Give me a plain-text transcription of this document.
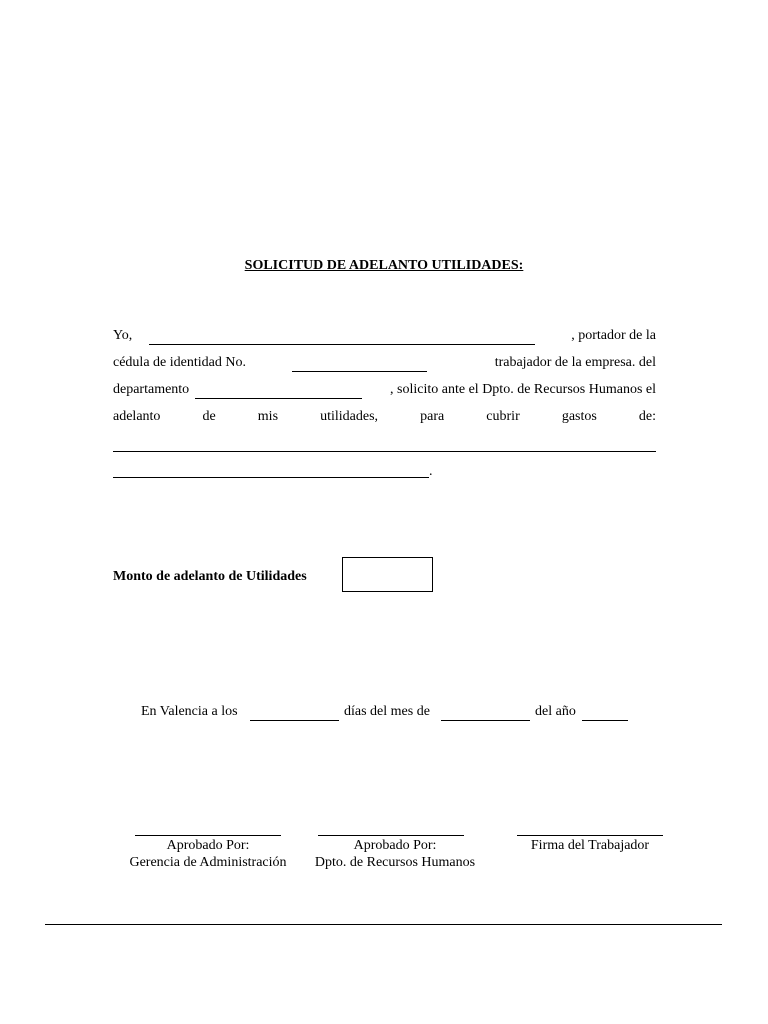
SOLICITUD DE ADELANTO UTILIDADES:
Yo,	, portador de la
cédula de identidad No.	trabajador de la empresa. del
departamento	, solicito ante el Dpto. de Recursos Humanos el
adelanto	de	mis	utilidades,	para	cubrir	gastos	de:
.
Monto de adelanto de Utilidades
En Valencia a los	días del mes de	del año
Aprobado Por:
Gerencia de Administración
Aprobado Por:
Dpto. de Recursos Humanos
Firma del Trabajador
